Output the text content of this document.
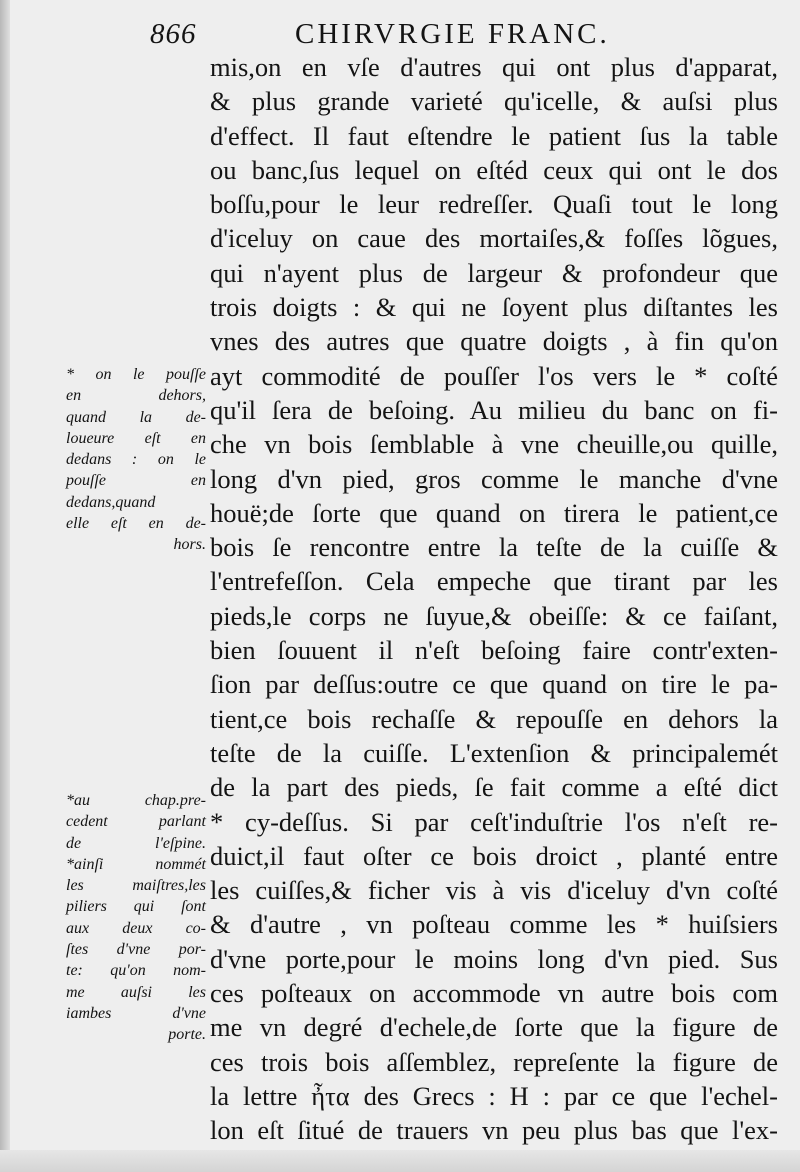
866	CHIRVRGIE FRANC.
mis,on en vſe d'autres qui ont plus d'apparat,
& plus grande varieté qu'icelle, & auſsi plus
d'effect. Il faut eſtendre le patient ſus la table
ou banc,ſus lequel on eſtéd ceux qui ont le dos
boſſu,pour le leur redreſſer. Quaſi tout le long
d'iceluy on caue des mortaiſes,& foſſes lõgues,
qui n'ayent plus de largeur & profondeur que
trois doigts : & qui ne ſoyent plus diſtantes les
vnes des autres que quatre doigts , à fin qu'on
ayt commodité de pouſſer l'os vers le * coſté
qu'il ſera de beſoing. Au milieu du banc on fi-
che vn bois ſemblable à vne cheuille,ou quille,
long d'vn pied, gros comme le manche d'vne
houë;de ſorte que quand on tirera le patient,ce
bois ſe rencontre entre la teſte de la cuiſſe &
l'entrefeſſon. Cela empeche que tirant par les
pieds,le corps ne ſuyue,& obeiſſe: & ce faiſant,
bien ſouuent il n'eſt beſoing faire contr'exten-
ſion par deſſus:outre ce que quand on tire le pa-
tient,ce bois rechaſſe & repouſſe en dehors la
teſte de la cuiſſe. L'extenſion & principalemét
de la part des pieds, ſe fait comme a eſté dict
* cy-deſſus. Si par ceſt'induſtrie l'os n'eſt re-
duict,il faut oſter ce bois droict , planté entre
les cuiſſes,& ficher vis à vis d'iceluy d'vn coſté
& d'autre , vn poſteau comme les * huiſsiers
d'vne porte,pour le moins long d'vn pied. Sus
ces poſteaux on accommode vn autre bois com
me vn degré d'echele,de ſorte que la figure de
ces trois bois aſſemblez, repreſente la figure de
la lettre ἦτα des Grecs : H : par ce que l'echel-
lon eſt ſitué de trauers vn peu plus bas que l'ex-
* on le pouſſe
en dehors,
quand la de-
loueure eſt en
dedans : on le
pouſſe en
dedans,quand
elle eſt en de-
hors.
*au chap.pre-
cedent parlant
de l'eſpine.
*ainſi nommét
les maiſtres,les
piliers qui ſont
aux deux co-
ſtes d'vne por-
te: qu'on nom-
me auſsi les
iambes d'vne
porte.
